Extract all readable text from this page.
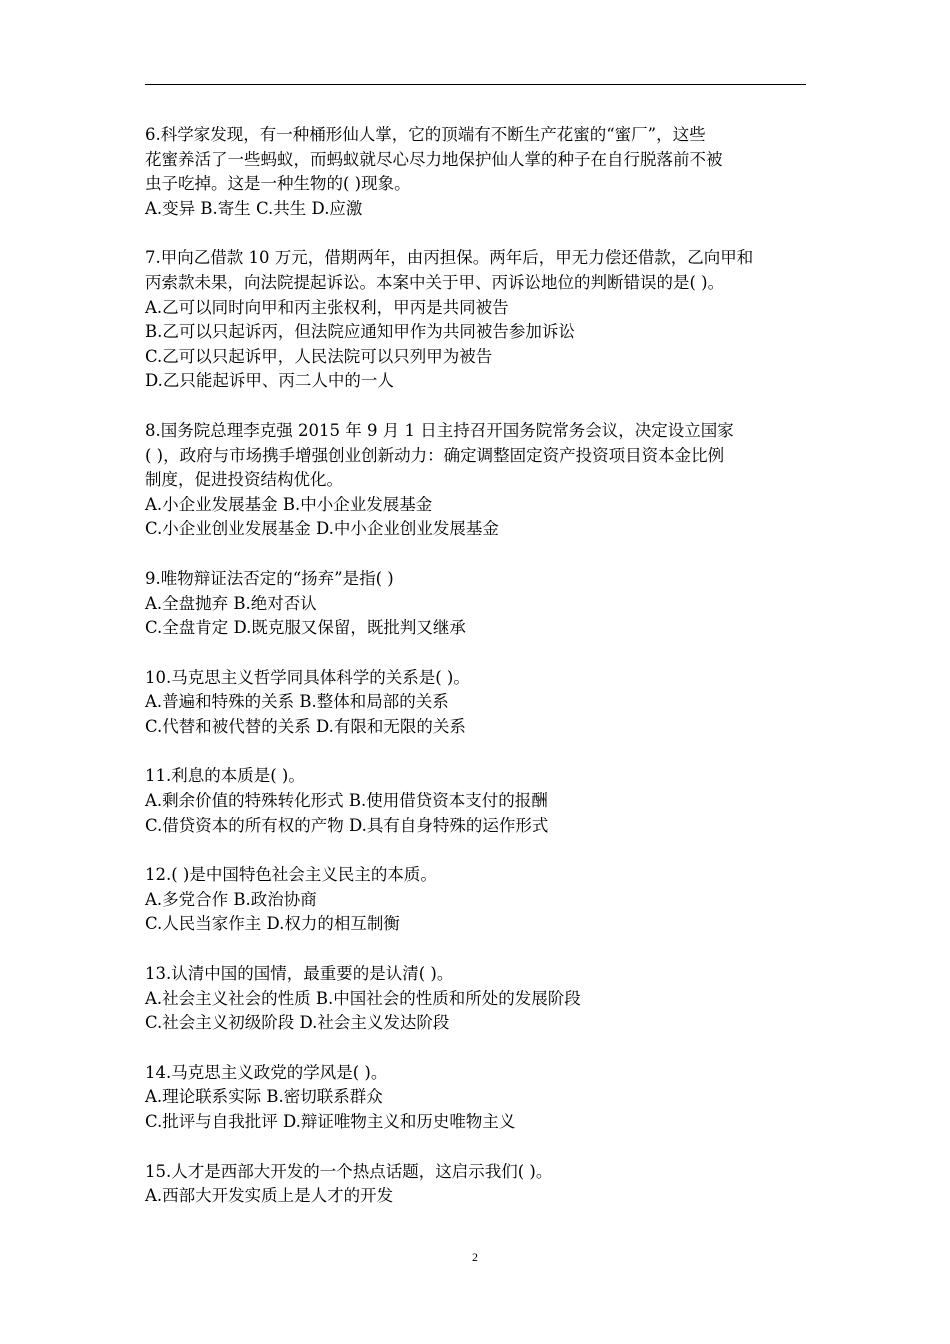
6.科学家发现，有一种桶形仙人掌，它的顶端有不断生产花蜜的“蜜厂”，这些
花蜜养活了一些蚂蚁，而蚂蚁就尽心尽力地保护仙人掌的种子在自行脱落前不被
虫子吃掉。这是一种生物的( )现象。
A.变异 B.寄生 C.共生 D.应激
7.甲向乙借款 10 万元，借期两年，由丙担保。两年后，甲无力偿还借款，乙向甲和
丙索款未果，向法院提起诉讼。本案中关于甲、丙诉讼地位的判断错误的是( )。
A.乙可以同时向甲和丙主张权利，甲丙是共同被告
B.乙可以只起诉丙，但法院应通知甲作为共同被告参加诉讼
C.乙可以只起诉甲，人民法院可以只列甲为被告
D.乙只能起诉甲、丙二人中的一人
8.国务院总理李克强 2015 年 9 月 1 日主持召开国务院常务会议，决定设立国家
( )，政府与市场携手增强创业创新动力：确定调整固定资产投资项目资本金比例
制度，促进投资结构优化。
A.小企业发展基金 B.中小企业发展基金
C.小企业创业发展基金 D.中小企业创业发展基金
9.唯物辩证法否定的“扬弃”是指( )
A.全盘抛弃 B.绝对否认
C.全盘肯定 D.既克服又保留，既批判又继承
10.马克思主义哲学同具体科学的关系是( )。
A.普遍和特殊的关系 B.整体和局部的关系
C.代替和被代替的关系 D.有限和无限的关系
11.利息的本质是( )。
A.剩余价值的特殊转化形式 B.使用借贷资本支付的报酬
C.借贷资本的所有权的产物 D.具有自身特殊的运作形式
12.( )是中国特色社会主义民主的本质。
A.多党合作 B.政治协商
C.人民当家作主 D.权力的相互制衡
13.认清中国的国情，最重要的是认清( )。
A.社会主义社会的性质 B.中国社会的性质和所处的发展阶段
C.社会主义初级阶段 D.社会主义发达阶段
14.马克思主义政党的学风是( )。
A.理论联系实际 B.密切联系群众
C.批评与自我批评 D.辩证唯物主义和历史唯物主义
15.人才是西部大开发的一个热点话题，这启示我们( )。
A.西部大开发实质上是人才的开发
2
